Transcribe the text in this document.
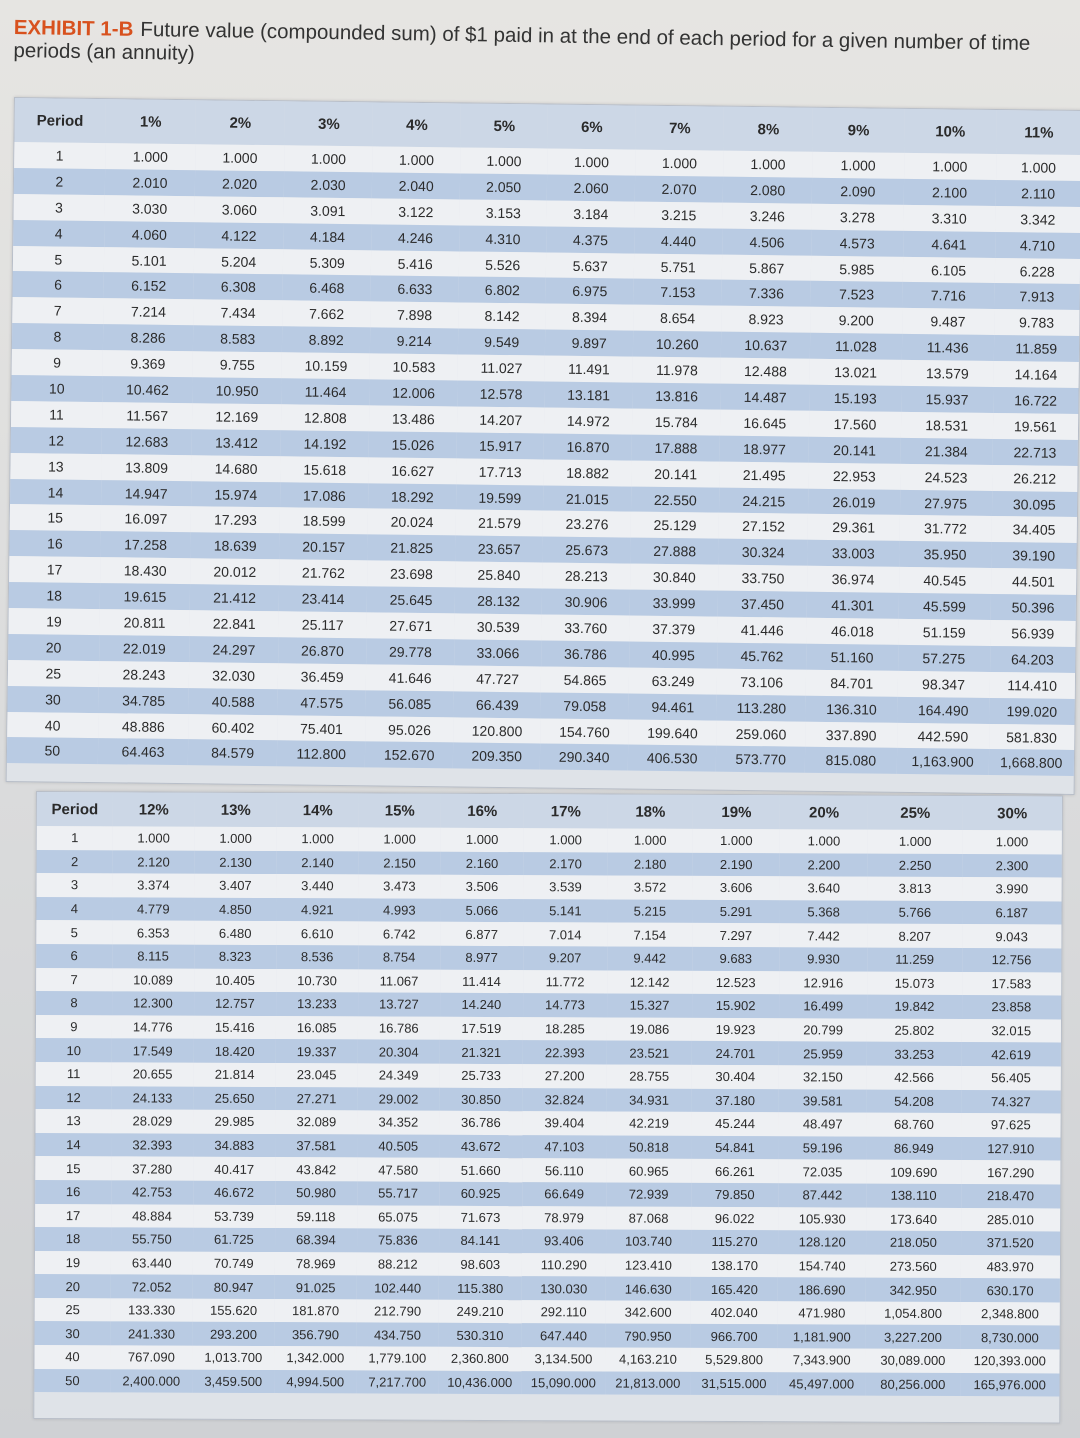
EXHIBIT 1-B Future value (compounded sum) of $1 paid in at the end of each period for a given number of time periods (an annuity)
Period	1%	2%	3%	4%	5%	6%	7%	8%	9%	10%	11%
1	1.000	1.000	1.000	1.000	1.000	1.000	1.000	1.000	1.000	1.000	1.000
2	2.010	2.020	2.030	2.040	2.050	2.060	2.070	2.080	2.090	2.100	2.110
3	3.030	3.060	3.091	3.122	3.153	3.184	3.215	3.246	3.278	3.310	3.342
4	4.060	4.122	4.184	4.246	4.310	4.375	4.440	4.506	4.573	4.641	4.710
5	5.101	5.204	5.309	5.416	5.526	5.637	5.751	5.867	5.985	6.105	6.228
6	6.152	6.308	6.468	6.633	6.802	6.975	7.153	7.336	7.523	7.716	7.913
7	7.214	7.434	7.662	7.898	8.142	8.394	8.654	8.923	9.200	9.487	9.783
8	8.286	8.583	8.892	9.214	9.549	9.897	10.260	10.637	11.028	11.436	11.859
9	9.369	9.755	10.159	10.583	11.027	11.491	11.978	12.488	13.021	13.579	14.164
10	10.462	10.950	11.464	12.006	12.578	13.181	13.816	14.487	15.193	15.937	16.722
11	11.567	12.169	12.808	13.486	14.207	14.972	15.784	16.645	17.560	18.531	19.561
12	12.683	13.412	14.192	15.026	15.917	16.870	17.888	18.977	20.141	21.384	22.713
13	13.809	14.680	15.618	16.627	17.713	18.882	20.141	21.495	22.953	24.523	26.212
14	14.947	15.974	17.086	18.292	19.599	21.015	22.550	24.215	26.019	27.975	30.095
15	16.097	17.293	18.599	20.024	21.579	23.276	25.129	27.152	29.361	31.772	34.405
16	17.258	18.639	20.157	21.825	23.657	25.673	27.888	30.324	33.003	35.950	39.190
17	18.430	20.012	21.762	23.698	25.840	28.213	30.840	33.750	36.974	40.545	44.501
18	19.615	21.412	23.414	25.645	28.132	30.906	33.999	37.450	41.301	45.599	50.396
19	20.811	22.841	25.117	27.671	30.539	33.760	37.379	41.446	46.018	51.159	56.939
20	22.019	24.297	26.870	29.778	33.066	36.786	40.995	45.762	51.160	57.275	64.203
25	28.243	32.030	36.459	41.646	47.727	54.865	63.249	73.106	84.701	98.347	114.410
30	34.785	40.588	47.575	56.085	66.439	79.058	94.461	113.280	136.310	164.490	199.020
40	48.886	60.402	75.401	95.026	120.800	154.760	199.640	259.060	337.890	442.590	581.830
50	64.463	84.579	112.800	152.670	209.350	290.340	406.530	573.770	815.080	1,163.900	1,668.800
Period	12%	13%	14%	15%	16%	17%	18%	19%	20%	25%	30%
1	1.000	1.000	1.000	1.000	1.000	1.000	1.000	1.000	1.000	1.000	1.000
2	2.120	2.130	2.140	2.150	2.160	2.170	2.180	2.190	2.200	2.250	2.300
3	3.374	3.407	3.440	3.473	3.506	3.539	3.572	3.606	3.640	3.813	3.990
4	4.779	4.850	4.921	4.993	5.066	5.141	5.215	5.291	5.368	5.766	6.187
5	6.353	6.480	6.610	6.742	6.877	7.014	7.154	7.297	7.442	8.207	9.043
6	8.115	8.323	8.536	8.754	8.977	9.207	9.442	9.683	9.930	11.259	12.756
7	10.089	10.405	10.730	11.067	11.414	11.772	12.142	12.523	12.916	15.073	17.583
8	12.300	12.757	13.233	13.727	14.240	14.773	15.327	15.902	16.499	19.842	23.858
9	14.776	15.416	16.085	16.786	17.519	18.285	19.086	19.923	20.799	25.802	32.015
10	17.549	18.420	19.337	20.304	21.321	22.393	23.521	24.701	25.959	33.253	42.619
11	20.655	21.814	23.045	24.349	25.733	27.200	28.755	30.404	32.150	42.566	56.405
12	24.133	25.650	27.271	29.002	30.850	32.824	34.931	37.180	39.581	54.208	74.327
13	28.029	29.985	32.089	34.352	36.786	39.404	42.219	45.244	48.497	68.760	97.625
14	32.393	34.883	37.581	40.505	43.672	47.103	50.818	54.841	59.196	86.949	127.910
15	37.280	40.417	43.842	47.580	51.660	56.110	60.965	66.261	72.035	109.690	167.290
16	42.753	46.672	50.980	55.717	60.925	66.649	72.939	79.850	87.442	138.110	218.470
17	48.884	53.739	59.118	65.075	71.673	78.979	87.068	96.022	105.930	173.640	285.010
18	55.750	61.725	68.394	75.836	84.141	93.406	103.740	115.270	128.120	218.050	371.520
19	63.440	70.749	78.969	88.212	98.603	110.290	123.410	138.170	154.740	273.560	483.970
20	72.052	80.947	91.025	102.440	115.380	130.030	146.630	165.420	186.690	342.950	630.170
25	133.330	155.620	181.870	212.790	249.210	292.110	342.600	402.040	471.980	1,054.800	2,348.800
30	241.330	293.200	356.790	434.750	530.310	647.440	790.950	966.700	1,181.900	3,227.200	8,730.000
40	767.090	1,013.700	1,342.000	1,779.100	2,360.800	3,134.500	4,163.210	5,529.800	7,343.900	30,089.000	120,393.000
50	2,400.000	3,459.500	4,994.500	7,217.700	10,436.000	15,090.000	21,813.000	31,515.000	45,497.000	80,256.000	165,976.000
